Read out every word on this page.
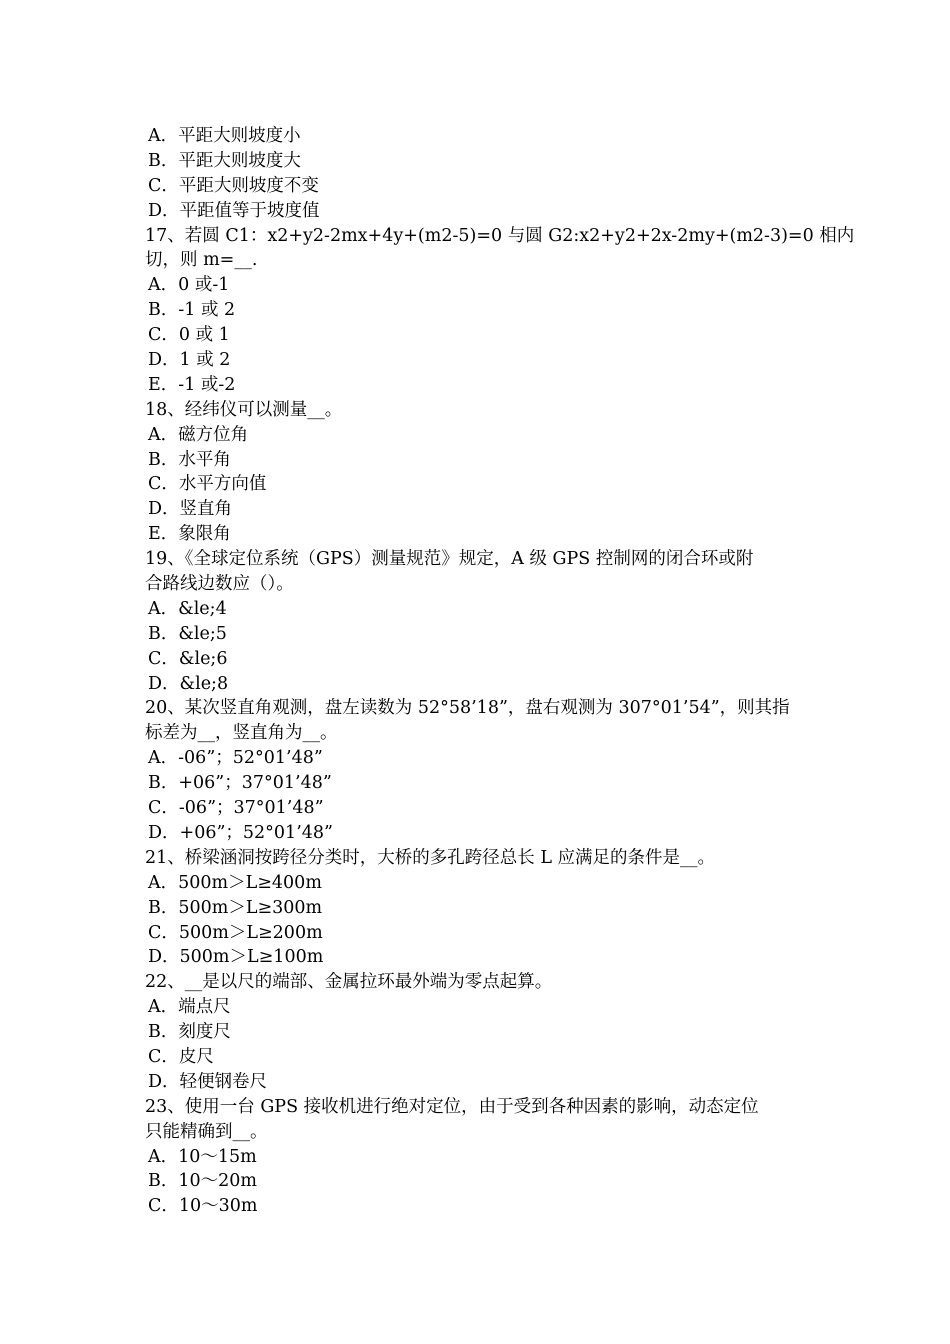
A．平距大则坡度小
B．平距大则坡度大
C．平距大则坡度不变
D．平距值等于坡度值
17、若圆 C1：x2+y2-2mx+4y+(m2-5)=0 与圆 G2:x2+y2+2x-2my+(m2-3)=0 相内
切，则 m=__.
A．0 或-1
B．-1 或 2
C．0 或 1
D．1 或 2
E．-1 或-2
18、经纬仪可以测量__。
A．磁方位角
B．水平角
C．水平方向值
D．竖直角
E．象限角
19、《全球定位系统（GPS）测量规范》规定，A 级 GPS 控制网的闭合环或附
合路线边数应（）。
A．&le;4
B．&le;5
C．&le;6
D．&le;8
20、某次竖直角观测，盘左读数为 52°58’18”，盘右观测为 307°01’54”，则其指
标差为__，竖直角为__。
A．-06”；52°01’48”
B．+06”；37°01’48”
C．-06”；37°01’48”
D．+06”；52°01’48”
21、桥梁涵洞按跨径分类时，大桥的多孔跨径总长 L 应满足的条件是__。
A．500m＞L≥400m
B．500m＞L≥300m
C．500m＞L≥200m
D．500m＞L≥100m
22、__是以尺的端部、金属拉环最外端为零点起算。
A．端点尺
B．刻度尺
C．皮尺
D．轻便钢卷尺
23、使用一台 GPS 接收机进行绝对定位，由于受到各种因素的影响，动态定位
只能精确到__。
A．10～15m
B．10～20m
C．10～30m
